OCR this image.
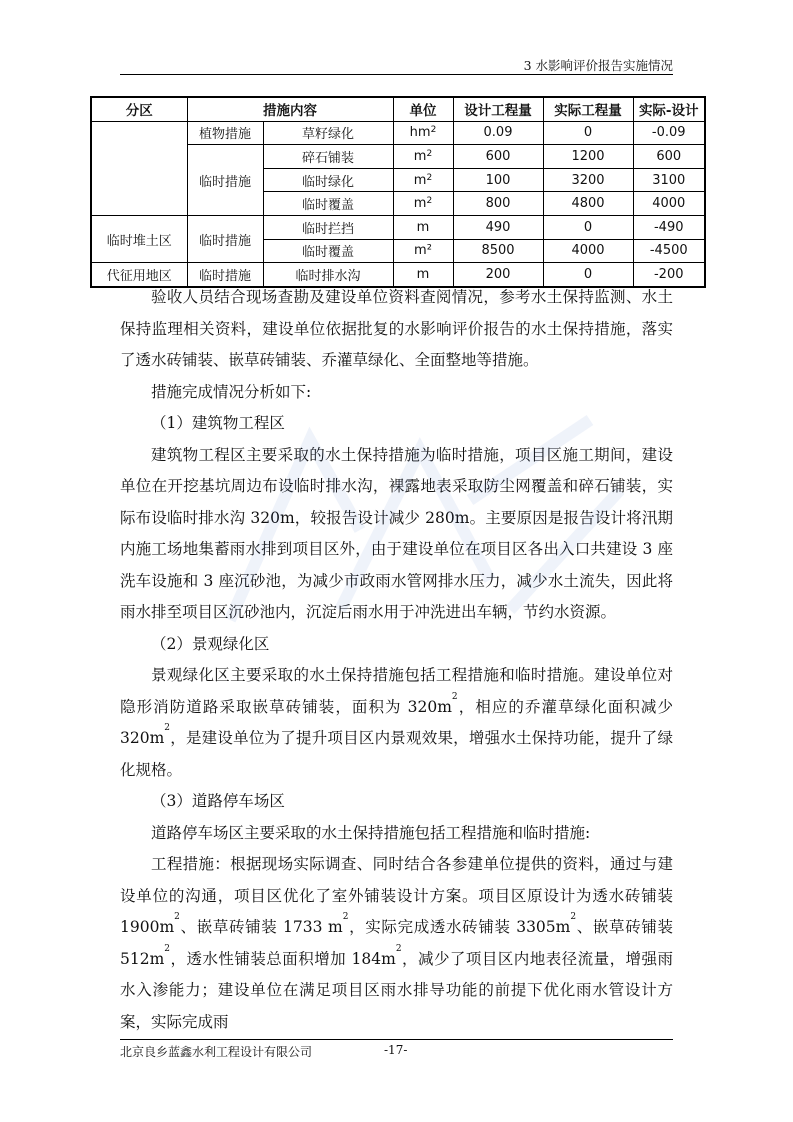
3 水影响评价报告实施情况
分区	措施内容		单位	设计工程量	实际工程量	实际-设计
	植物措施	草籽绿化	$hm^2$	0.09	0	-0.09
	临时措施	碎石铺装	$m^2$	600	1200	600
		临时绿化	$m^2$	100	3200	3100
		临时覆盖	$m^2$	800	4800	4000
临时堆土区	临时措施	临时拦挡	m	490	0	-490
		临时覆盖	m²	8500	4000	-4500
代征用地区	临时措施	临时排水沟	m	200	0	-200

验收人员结合现场查勘及建设单位资料查阅情况，参考水土保持监测、水土保持监理相关资料，建设单位依据批复的水影响评价报告的水土保持措施，落实了透水砖铺装、嵌草砖铺装、乔灌草绿化、全面整地等措施。

措施完成情况分析如下:

（1）建筑物工程区

建筑物工程区主要采取的水土保持措施为临时措施，项目区施工期间，建设单位在开挖基坑周边布设临时排水沟，裸露地表采取防尘网覆盖和碎石铺装，实际布设临时排水沟 320m，较报告设计减少 280m。主要原因是报告设计将汛期内施工场地集蓄雨水排到项目区外，由于建设单位在项目区各出入口共建设 3 座洗车设施和 3 座沉砂池，为减少市政雨水管网排水压力，减少水土流失，因此将雨水排至项目区沉砂池内，沉淀后雨水用于冲洗进出车辆，节约水资源。

（2）景观绿化区

景观绿化区主要采取的水土保持措施包括工程措施和临时措施。建设单位对隐形消防道路采取嵌草砖铺装，面积为 $320m^2$，相应的乔灌草绿化面积减少 $320m^2$，是建设单位为了提升项目区内景观效果，增强水土保持功能，提升了绿化规格。

（3）道路停车场区

道路停车场区主要采取的水土保持措施包括工程措施和临时措施:

工程措施：根据现场实际调查、同时结合各参建单位提供的资料，通过与建设单位的沟通，项目区优化了室外铺装设计方案。项目区原设计为透水砖铺装 $1900m^2$、嵌草砖铺装 1733 $m^2$，实际完成透水砖铺装 $3305m^2$、嵌草砖铺装 $512m^2$，透水性铺装总面积增加 $184m^2$，减少了项目区内地表径流量，增强雨水入渗能力；建设单位在满足项目区雨水排导功能的前提下优化雨水管设计方案，实际完成雨

北京良乡蓝鑫水利工程设计有限公司	-17-
